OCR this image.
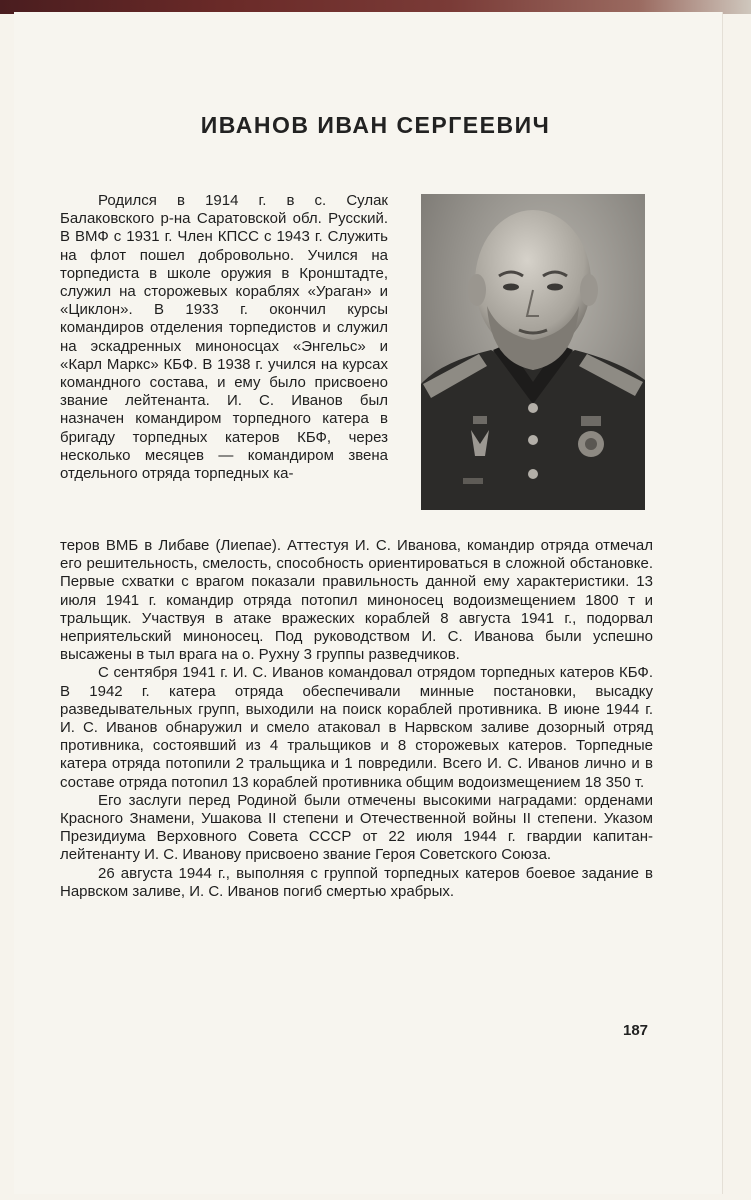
ИВАНОВ ИВАН СЕРГЕЕВИЧ

Родился в 1914 г. в с. Сулак Балаковского р-на Саратовской обл. Русский. В ВМФ с 1931 г. Член КПСС с 1943 г. Служить на флот пошел добровольно. Учился на торпедиста в школе оружия в Кронштадте, служил на сторожевых кораблях «Ураган» и «Циклон». В 1933 г. окончил курсы командиров отделения торпедистов и служил на эскадренных миноносцах «Энгельс» и «Карл Маркс» КБФ. В 1938 г. учился на курсах командного состава, и ему было присвоено звание лейтенанта. И. С. Иванов был назначен командиром торпедного катера в бригаду торпедных катеров КБФ, через несколько месяцев — командиром звена отдельного отряда торпедных ка-

теров ВМБ в Либаве (Лиепае). Аттестуя И. С. Иванова, командир отряда отмечал его решительность, смелость, способность ориентироваться в сложной обстановке. Первые схватки с врагом показали правильность данной ему характеристики. 13 июля 1941 г. командир отряда потопил миноносец водоизмещением 1800 т и тральщик. Участвуя в атаке вражеских кораблей 8 августа 1941 г., подорвал неприятельский миноносец. Под руководством И. С. Иванова были успешно высажены в тыл врага на о. Рухну 3 группы разведчиков.

С сентября 1941 г. И. С. Иванов командовал отрядом торпедных катеров КБФ. В 1942 г. катера отряда обеспечивали минные постановки, высадку разведывательных групп, выходили на поиск кораблей противника. В июне 1944 г. И. С. Иванов обнаружил и смело атаковал в Нарвском заливе дозорный отряд противника, состоявший из 4 тральщиков и 8 сторожевых катеров. Торпедные катера отряда потопили 2 тральщика и 1 повредили. Всего И. С. Иванов лично и в составе отряда потопил 13 кораблей противника общим водоизмещением 18 350 т.

Его заслуги перед Родиной были отмечены высокими наградами: орденами Красного Знамени, Ушакова II степени и Отечественной войны II степени. Указом Президиума Верховного Совета СССР от 22 июля 1944 г. гвардии капитан-лейтенанту И. С. Иванову присвоено звание Героя Советского Союза.

26 августа 1944 г., выполняя с группой торпедных катеров боевое задание в Нарвском заливе, И. С. Иванов погиб смертью храбрых.

187
